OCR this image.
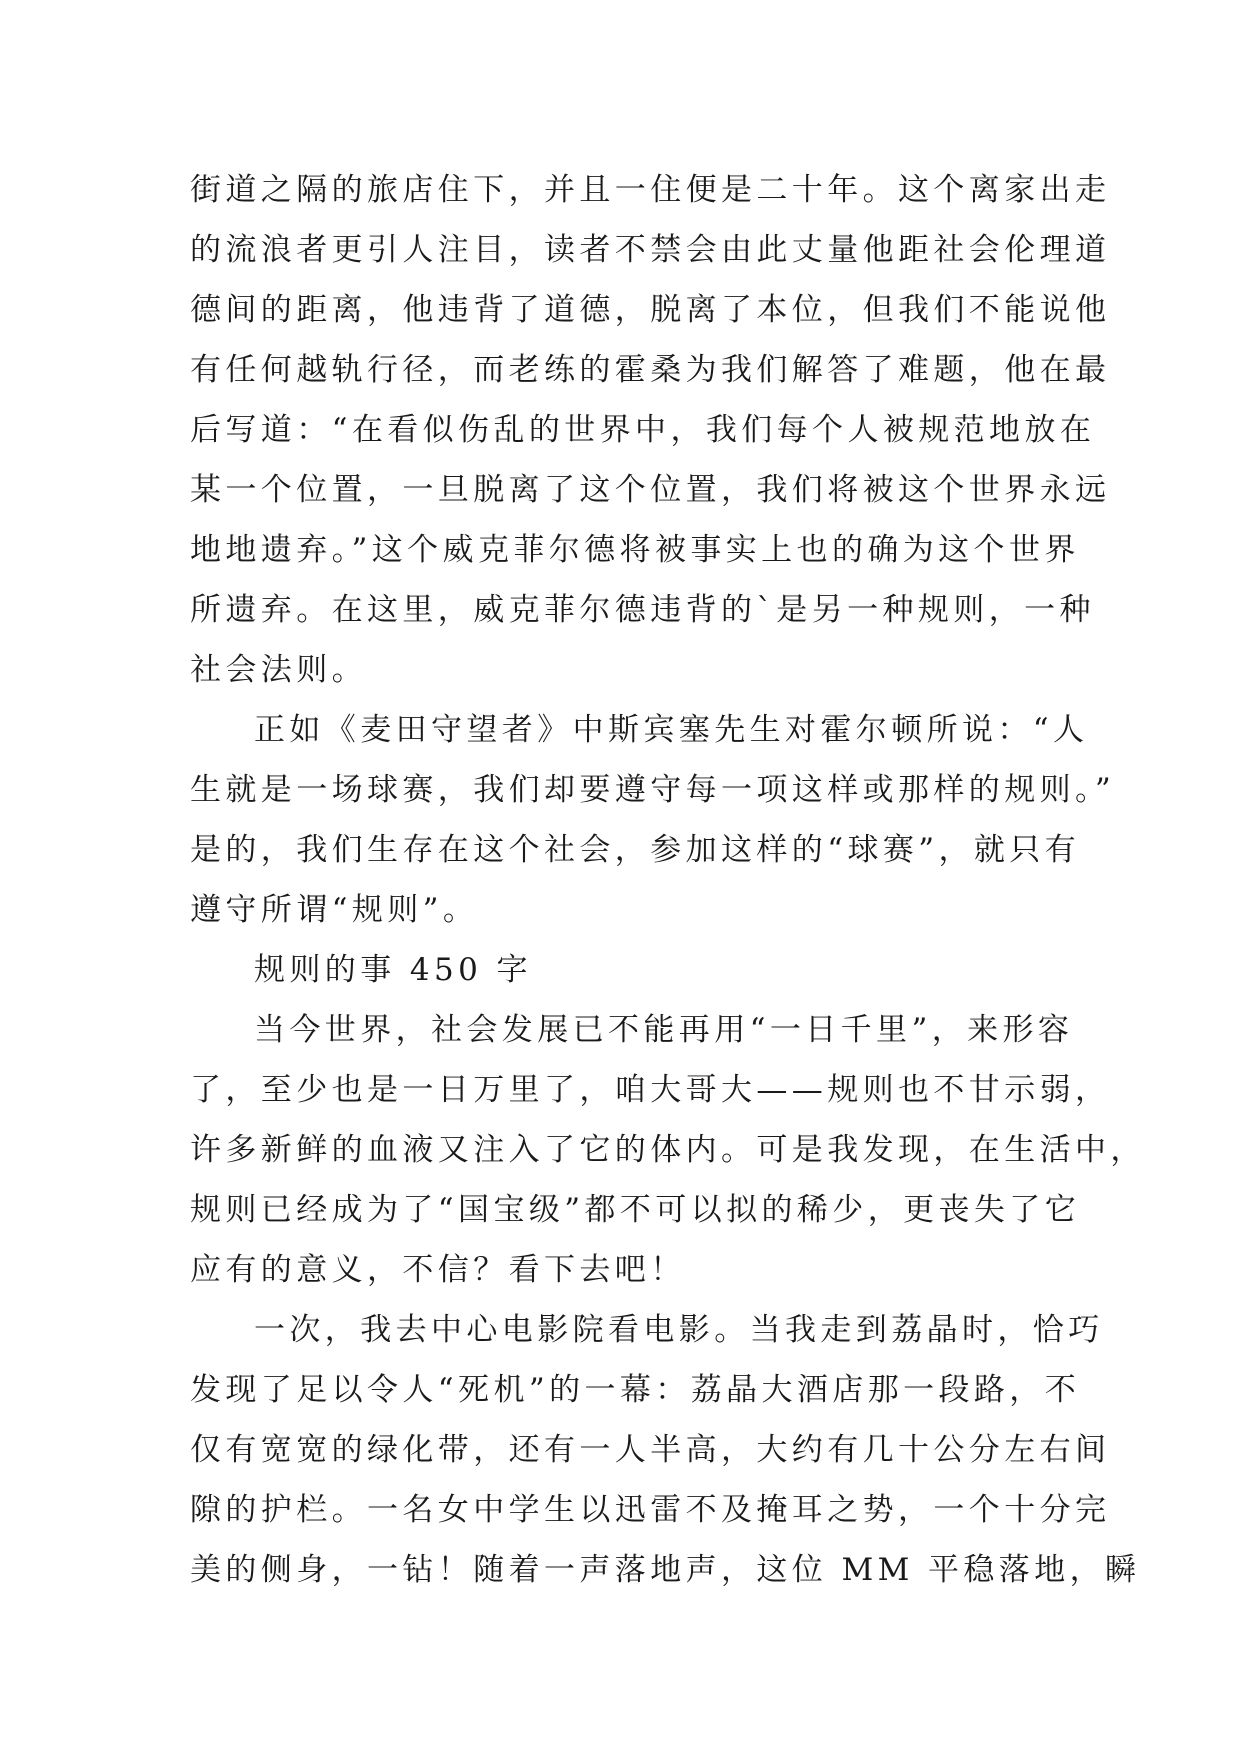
街道之隔的旅店住下，并且一住便是二十年。这个离家出走
的流浪者更引人注目，读者不禁会由此丈量他距社会伦理道
德间的距离，他违背了道德，脱离了本位，但我们不能说他
有任何越轨行径，而老练的霍桑为我们解答了难题，他在最
后写道：“在看似伤乱的世界中，我们每个人被规范地放在
某一个位置，一旦脱离了这个位置，我们将被这个世界永远
地地遗弃。”这个威克菲尔德将被事实上也的确为这个世界
所遗弃。在这里，威克菲尔德违背的`是另一种规则，一种
社会法则。
正如《麦田守望者》中斯宾塞先生对霍尔顿所说：“人
生就是一场球赛，我们却要遵守每一项这样或那样的规则。”
是的，我们生存在这个社会，参加这样的“球赛”，就只有
遵守所谓“规则”。
规则的事 450 字
当今世界，社会发展已不能再用“一日千里”，来形容
了，至少也是一日万里了，咱大哥大——规则也不甘示弱，
许多新鲜的血液又注入了它的体内。可是我发现，在生活中，
规则已经成为了“国宝级”都不可以拟的稀少，更丧失了它
应有的意义，不信？看下去吧！
一次，我去中心电影院看电影。当我走到荔晶时，恰巧
发现了足以令人“死机”的一幕：荔晶大酒店那一段路，不
仅有宽宽的绿化带，还有一人半高，大约有几十公分左右间
隙的护栏。一名女中学生以迅雷不及掩耳之势，一个十分完
美的侧身，一钻！随着一声落地声，这位 MM 平稳落地，瞬
